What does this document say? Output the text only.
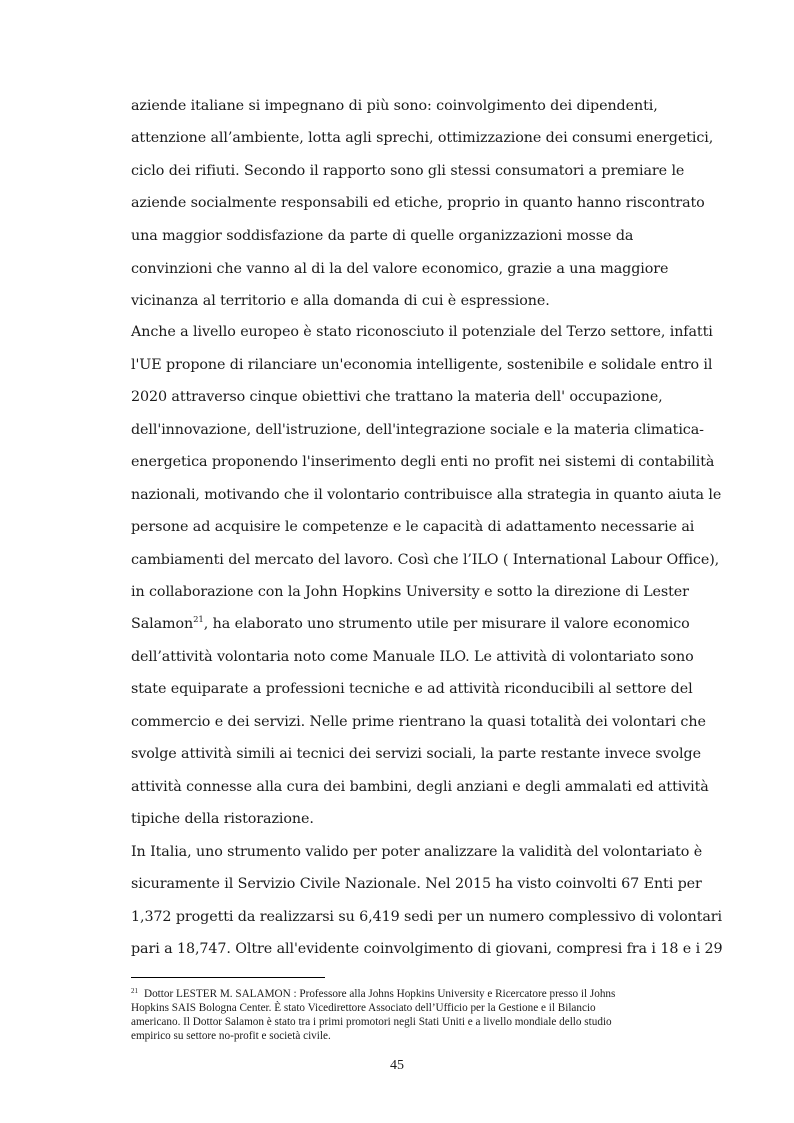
aziende italiane si impegnano di più sono: coinvolgimento dei dipendenti,
attenzione all’ambiente, lotta agli sprechi, ottimizzazione dei consumi energetici,
ciclo dei rifiuti. Secondo il rapporto sono gli stessi consumatori a premiare le
aziende socialmente responsabili ed etiche, proprio in quanto hanno riscontrato
una maggior soddisfazione da parte di quelle organizzazioni mosse da
convinzioni che vanno al di la del valore economico, grazie a una maggiore
vicinanza al territorio e alla domanda di cui è espressione.
Anche a livello europeo è stato riconosciuto il potenziale del Terzo settore, infatti
l'UE propone di rilanciare un'economia intelligente, sostenibile e solidale entro il
2020 attraverso cinque obiettivi che trattano la materia dell' occupazione,
dell'innovazione, dell'istruzione, dell'integrazione sociale e la materia climatica-
energetica proponendo l'inserimento degli enti no profit nei sistemi di contabilità
nazionali, motivando che il volontario contribuisce alla strategia in quanto aiuta le
persone ad acquisire le competenze e le capacità di adattamento necessarie ai
cambiamenti del mercato del lavoro. Così che l’ILO ( International Labour Office),
in collaborazione con la John Hopkins University e sotto la direzione di Lester
Salamon$^{21}$, ha elaborato uno strumento utile per misurare il valore economico
dell’attività volontaria noto come Manuale ILO. Le attività di volontariato sono
state equiparate a professioni tecniche e ad attività riconducibili al settore del
commercio e dei servizi. Nelle prime rientrano la quasi totalità dei volontari che
svolge attività simili ai tecnici dei servizi sociali, la parte restante invece svolge
attività connesse alla cura dei bambini, degli anziani e degli ammalati ed attività
tipiche della ristorazione.
In Italia, uno strumento valido per poter analizzare la validità del volontariato è
sicuramente il Servizio Civile Nazionale. Nel 2015 ha visto coinvolti 67 Enti per
1,372 progetti da realizzarsi su 6,419 sedi per un numero complessivo di volontari
pari a 18,747. Oltre all'evidente coinvolgimento di giovani, compresi fra i 18 e i 29
$^{21}$ Dottor LESTER M. SALAMON : Professore alla Johns Hopkins University e Ricercatore presso il Johns
Hopkins SAIS Bologna Center. È stato Vicedirettore Associato dell’Ufficio per la Gestione e il Bilancio
americano. Il Dottor Salamon è stato tra i primi promotori negli Stati Uniti e a livello mondiale dello studio
empirico su settore no-profit e società civile.
45
